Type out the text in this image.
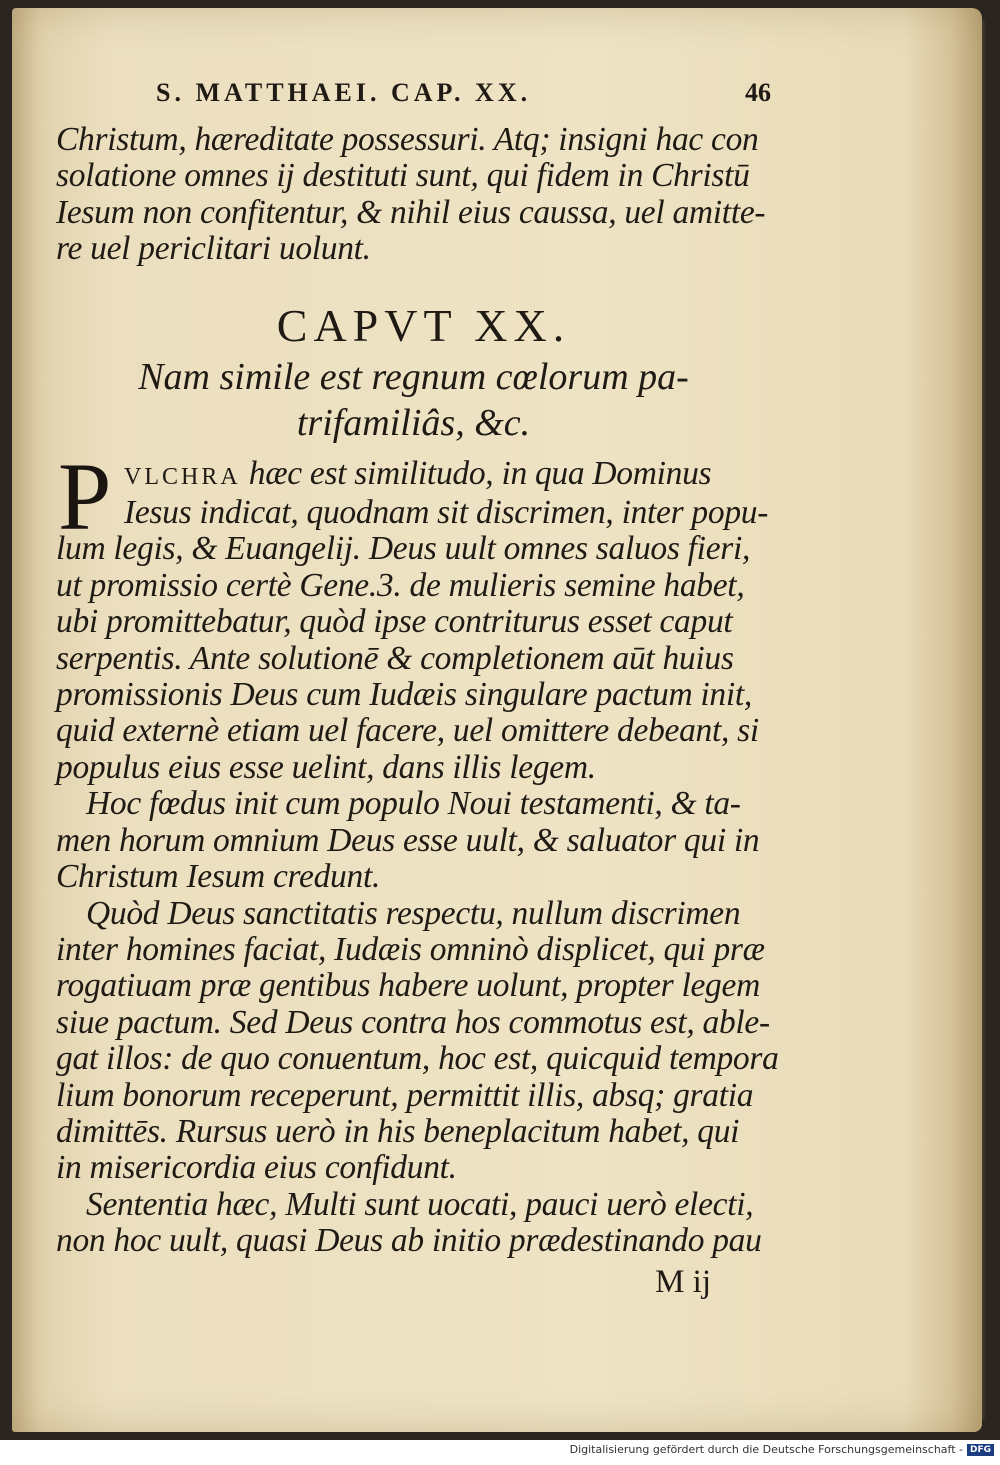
S. MATTHAEI. CAP. XX.	46
Christum, hæreditate possessuri. Atq; insigni hac con
solatione omnes ij destituti sunt, qui fidem in Christū
Iesum non confitentur, & nihil eius caussa, uel amitte-
re uel periclitari uolunt.
CAPVT XX.
Nam simile est regnum cœlorum pa-
trifamiliâs, &c.
P VLCHRA hæc est similitudo, in qua Dominus
Iesus indicat, quodnam sit discrimen, inter popu-
lum legis, & Euangelij. Deus uult omnes saluos fieri,
ut promissio certè Gene.3. de mulieris semine habet,
ubi promittebatur, quòd ipse contriturus esset caput
serpentis. Ante solutionē & completionem aūt huius
promissionis Deus cum Iudæis singulare pactum init,
quid externè etiam uel facere, uel omittere debeant, si
populus eius esse uelint, dans illis legem.
Hoc fœdus init cum populo Noui testamenti, & ta-
men horum omnium Deus esse uult, & saluator qui in
Christum Iesum credunt.
Quòd Deus sanctitatis respectu, nullum discrimen
inter homines faciat, Iudæis omninò displicet, qui præ
rogatiuam præ gentibus habere uolunt, propter legem
siue pactum. Sed Deus contra hos commotus est, able-
gat illos: de quo conuentum, hoc est, quicquid tempora
lium bonorum receperunt, permittit illis, absq; gratia
dimittēs. Rursus uerò in his beneplacitum habet, qui
in misericordia eius confidunt.
Sententia hæc, Multi sunt uocati, pauci uerò electi,
non hoc uult, quasi Deus ab initio prædestinando pau
M ij
Digitalisierung gefördert durch die Deutsche Forschungsgemeinschaft - DFG
